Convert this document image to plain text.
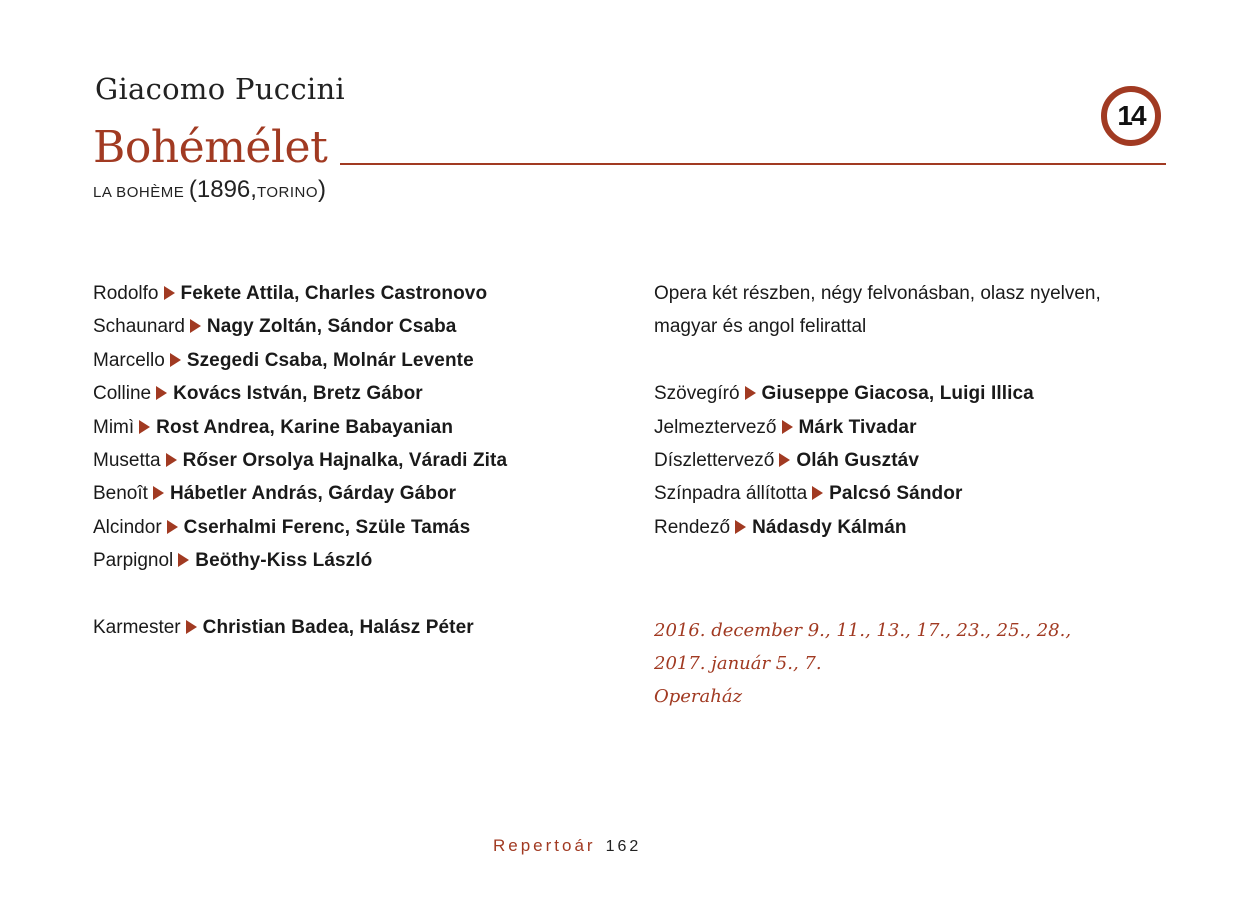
Giacomo Puccini
Bohémélet
14
LA BOHÈME (1896,TORINO)
Rodolfo Fekete Attila, Charles Castronovo
Schaunard Nagy Zoltán, Sándor Csaba
Marcello Szegedi Csaba, Molnár Levente
Colline Kovács István, Bretz Gábor
Mimì Rost Andrea, Karine Babayanian
Musetta Rőser Orsolya Hajnalka, Váradi Zita
Benoît Hábetler András, Gárday Gábor
Alcindor Cserhalmi Ferenc, Szüle Tamás
Parpignol Beöthy-Kiss László
Karmester Christian Badea, Halász Péter
Opera két részben, négy felvonásban, olasz nyelven,
magyar és angol felirattal
Szövegíró Giuseppe Giacosa, Luigi Illica
Jelmeztervező Márk Tivadar
Díszlettervező Oláh Gusztáv
Színpadra állította Palcsó Sándor
Rendező Nádasdy Kálmán
2016. december 9., 11., 13., 17., 23., 25., 28.,
2017. január 5., 7.
Operaház
Repertoár 162
